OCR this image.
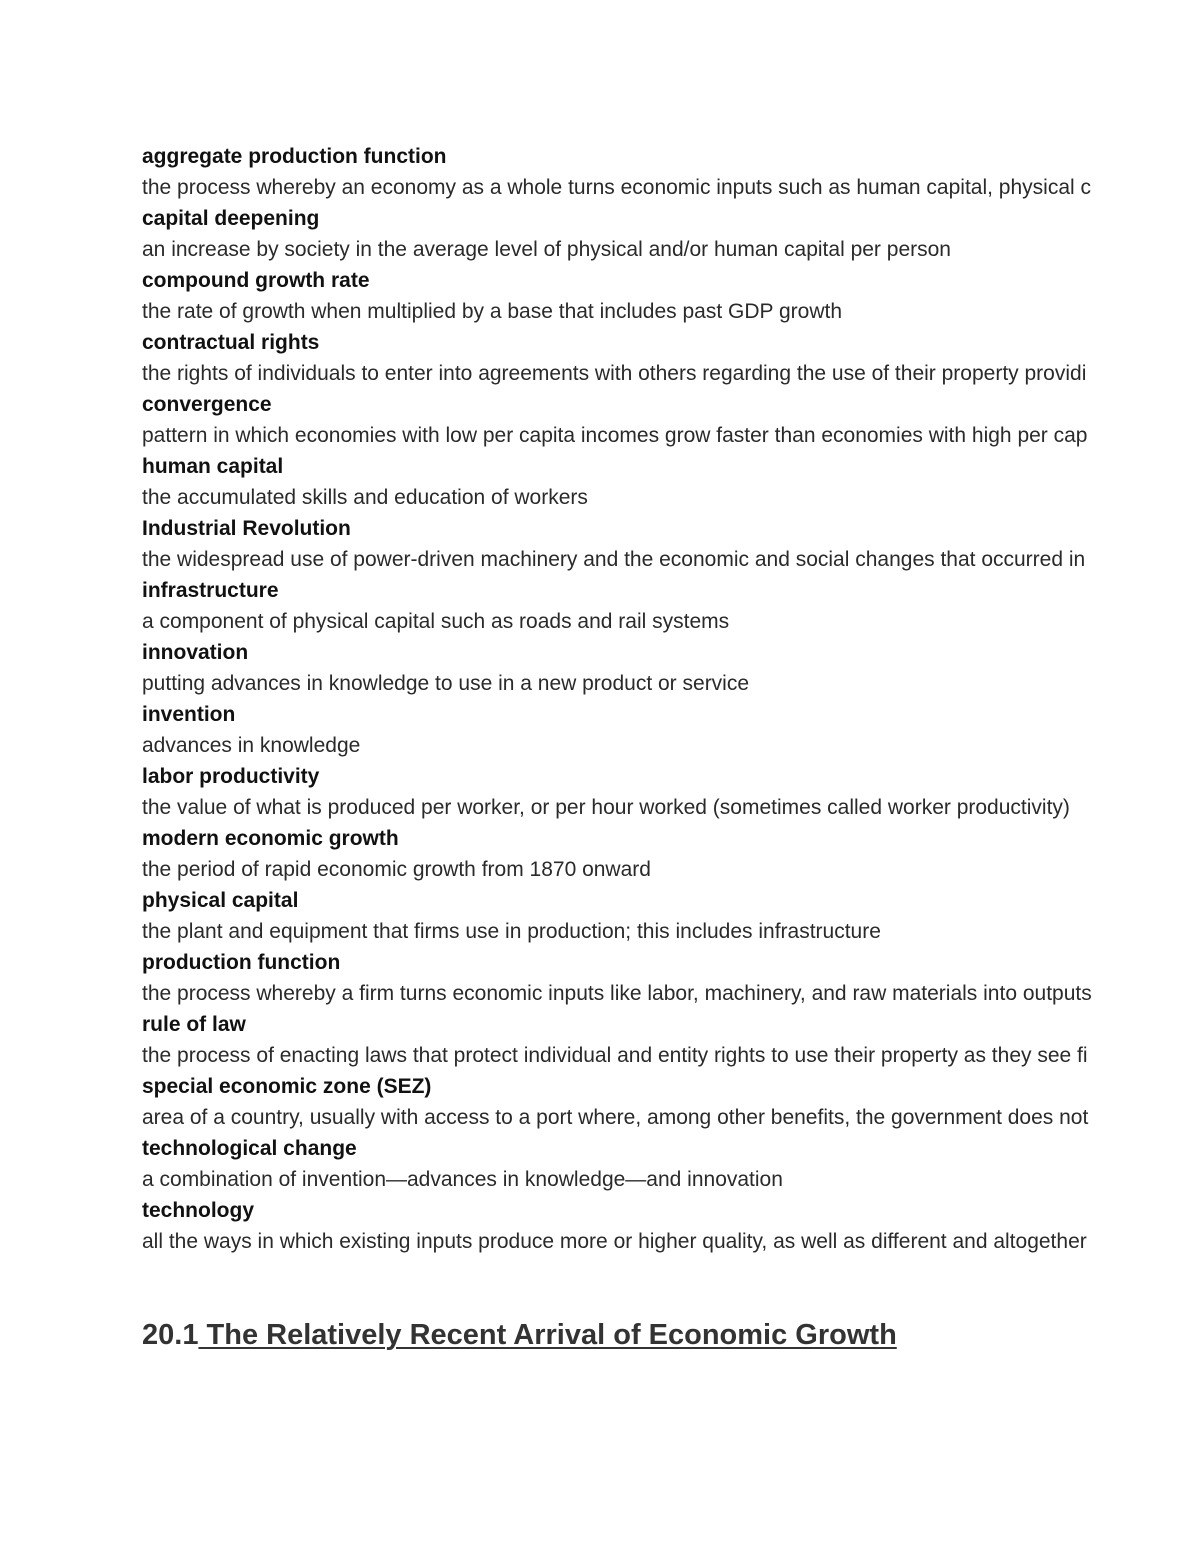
aggregate production function
the process whereby an economy as a whole turns economic inputs such as human capital, physical c
capital deepening
an increase by society in the average level of physical and/or human capital per person
compound growth rate
the rate of growth when multiplied by a base that includes past GDP growth
contractual rights
the rights of individuals to enter into agreements with others regarding the use of their property providi
convergence
pattern in which economies with low per capita incomes grow faster than economies with high per cap
human capital
the accumulated skills and education of workers
Industrial Revolution
the widespread use of power-driven machinery and the economic and social changes that occurred in
infrastructure
a component of physical capital such as roads and rail systems
innovation
putting advances in knowledge to use in a new product or service
invention
advances in knowledge
labor productivity
the value of what is produced per worker, or per hour worked (sometimes called worker productivity)
modern economic growth
the period of rapid economic growth from 1870 onward
physical capital
the plant and equipment that firms use in production; this includes infrastructure
production function
the process whereby a firm turns economic inputs like labor, machinery, and raw materials into outputs
rule of law
the process of enacting laws that protect individual and entity rights to use their property as they see fi
special economic zone (SEZ)
area of a country, usually with access to a port where, among other benefits, the government does not
technological change
a combination of invention—advances in knowledge—and innovation
technology
all the ways in which existing inputs produce more or higher quality, as well as different and altogether
20.1 The Relatively Recent Arrival of Economic Growth
